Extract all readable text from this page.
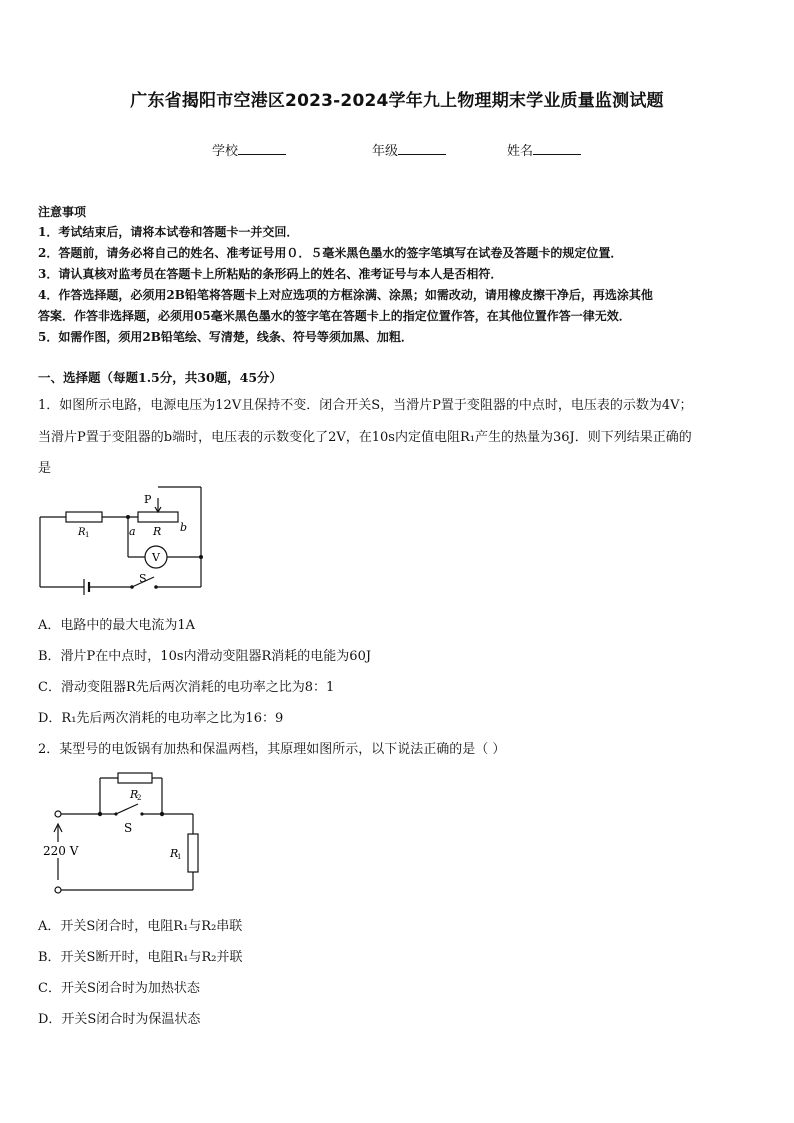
广东省揭阳市空港区2023-2024学年九上物理期末学业质量监测试题
学校	年级	姓名
注意事项
1．考试结束后，请将本试卷和答题卡一并交回．
2．答题前，请务必将自己的姓名、准考证号用０．５毫米黑色墨水的签字笔填写在试卷及答题卡的规定位置．
3．请认真核对监考员在答题卡上所粘贴的条形码上的姓名、准考证号与本人是否相符．
4．作答选择题，必须用2B铅笔将答题卡上对应选项的方框涂满、涂黑；如需改动，请用橡皮擦干净后，再选涂其他
答案．作答非选择题，必须用05毫米黑色墨水的签字笔在答题卡上的指定位置作答，在其他位置作答一律无效．
5．如需作图，须用2B铅笔绘、写清楚，线条、符号等须加黑、加粗．
一、选择题（每题1.5分，共30题，45分）
1．如图所示电路，电源电压为12V且保持不变．闭合开关S，当滑片P置于变阻器的中点时，电压表的示数为4V；
当滑片P置于变阻器的b端时，电压表的示数变化了2V，在10s内定值电阻R₁产生的热量为36J．则下列结果正确的
是
R 1
P
R
a	b
V
S
A．电路中的最大电流为1A
B．滑片P在中点时，10s内滑动变阻器R消耗的电能为60J
C．滑动变阻器R先后两次消耗的电功率之比为8：1
D．R₁先后两次消耗的电功率之比为16：9
2．某型号的电饭锅有加热和保温两档，其原理如图所示，以下说法正确的是（ ）
220 V
R
2
S
R
1
A．开关S闭合时，电阻R₁与R₂串联
B．开关S断开时，电阻R₁与R₂并联
C．开关S闭合时为加热状态
D．开关S闭合时为保温状态
